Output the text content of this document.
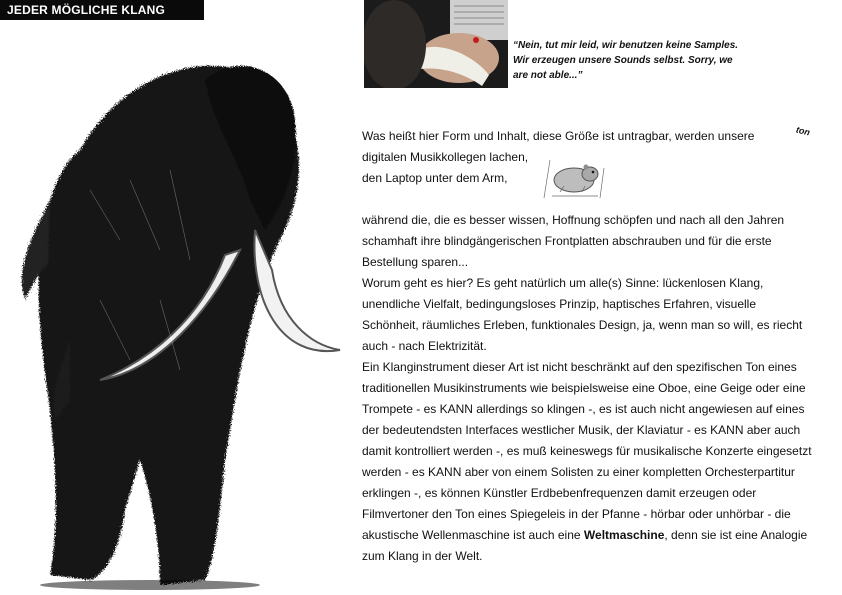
JEDER MÖGLICHE KLANG
“Nein, tut mir leid, wir benutzen keine Samples. Wir erzeugen unsere Sounds selbst. Sorry, we are not able...”
ton
Was heißt hier Form und Inhalt, diese Größe ist untragbar, werden unsere
digitalen Musikkollegen lachen,
den Laptop unter dem Arm,
während die, die es besser wissen, Hoffnung schöpfen und nach all den Jahren schamhaft ihre blindgängerischen Frontplatten abschrauben und für die erste Bestellung sparen...
Worum geht es hier? Es geht natürlich um alle(s) Sinne: lückenlosen Klang, unendliche Vielfalt, bedingungsloses Prinzip, haptisches Erfahren, visuelle Schönheit, räumliches Erleben, funktionales Design, ja, wenn man so will, es riecht auch - nach Elektrizität.
Ein Klanginstrument dieser Art ist nicht beschränkt auf den spezifischen Ton eines traditionellen Musikinstruments wie beispielsweise eine Oboe, eine Geige oder eine Trompete - es KANN allerdings so klingen -, es ist auch nicht angewiesen auf eines der bedeutendsten Interfaces westlicher Musik, der Klaviatur - es KANN aber auch damit kontrolliert werden -, es muß keineswegs für musikalische Konzerte eingesetzt werden - es KANN aber von einem Solisten zu einer kompletten Orchesterpartitur erklingen -, es können Künstler Erdbebenfrequenzen damit erzeugen oder Filmvertoner den Ton eines Spiegeleis in der Pfanne - hörbar oder unhörbar - die akustische Wellenmaschine ist auch eine Weltmaschine, denn sie ist eine Analogie zum Klang in der Welt.
